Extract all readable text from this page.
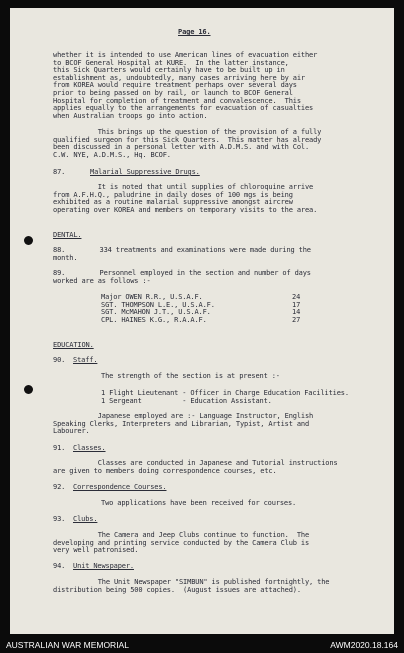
Page 16.
whether it is intended to use American lines of evacuation either
to BCOF General Hospital at KURE.  In the latter instance,
this Sick Quarters would certainly have to be built up in
establishment as, undoubtedly, many cases arriving here by air
from KOREA would require treatment perhaps over several days
prior to being passed on by rail, or launch to BCOF General
Hospital for completion of treatment and convalescence.  This
applies equally to the arrangements for evacuation of casualties
when Australian troops go into action.
This brings up the question of the provision of a fully
qualified surgeon for this Sick Quarters.  This matter has already
been discussed in a personal letter with A.D.M.S. and with Col.
C.W. NYE, A.D.M.S., Hq. BCOF.
87.	Malarial Suppressive Drugs.
It is noted that until supplies of chloroquine arrive
from A.F.H.Q., paludrine in daily doses of 100 mgs is being
exhibited as a routine malarial suppressive amongst aircrew
operating over KOREA and members on temporary visits to the area.
DENTAL.
88. 334 treatments and examinations were made during the
month.
89. Personnel employed in the section and number of days
worked are as follows :-
Major OWEN R.R., U.S.A.F.	24
SGT. THOMPSON L.E., U.S.A.F.	17
SGT. McMAHON J.T., U.S.A.F.	14
CPL. HAINES K.G., R.A.A.F.	27
EDUCATION.
90. Staff.
The strength of the section is at present :-
1 Flight Lieutenant - Officer in Charge Education Facilities.
1 Sergeant          - Education Assistant.
Japanese employed are :- Language Instructor, English
Speaking Clerks, Interpreters and Librarian, Typist, Artist and
Labourer.
91. Classes.
Classes are conducted in Japanese and Tutorial instructions
are given to members doing correspondence courses, etc.
92. Correspondence Courses.
Two applications have been received for courses.
93. Clubs.
The Camera and Jeep Clubs continue to function.  The
developing and printing service conducted by the Camera Club is
very well patronised.
94. Unit Newspaper.
The Unit Newspaper "SIMBUN" is published fortnightly, the
distribution being 500 copies.  (August issues are attached).
AUSTRALIAN WAR MEMORIAL	AWM2020.18.164
